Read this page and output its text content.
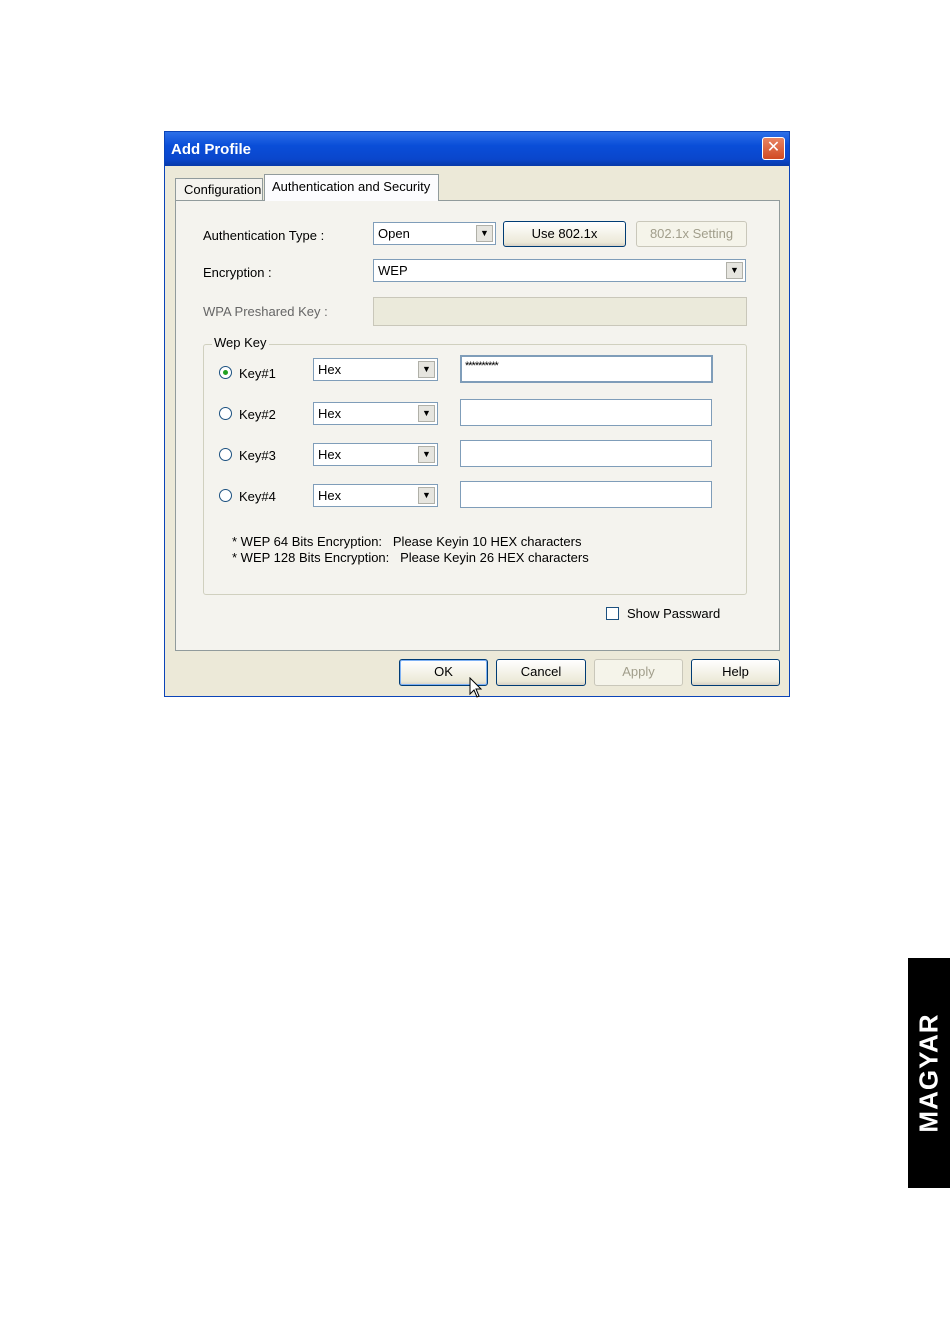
Add Profile	✕
Configuration Authentication and Security
Authentication Type :	Open	▼	Use 802.1x	802.1x Setting
Encryption :	WEP	▼
WPA Preshared Key :
Wep Key
Key#1	Hex	▼	**********
Key#2	Hex	▼
Key#3	Hex	▼
Key#4	Hex	▼
* WEP 64 Bits Encryption:   Please Keyin 10 HEX characters
* WEP 128 Bits Encryption:   Please Keyin 26 HEX characters
Show Passward
OK	Cancel	Apply	Help
MAGYAR
